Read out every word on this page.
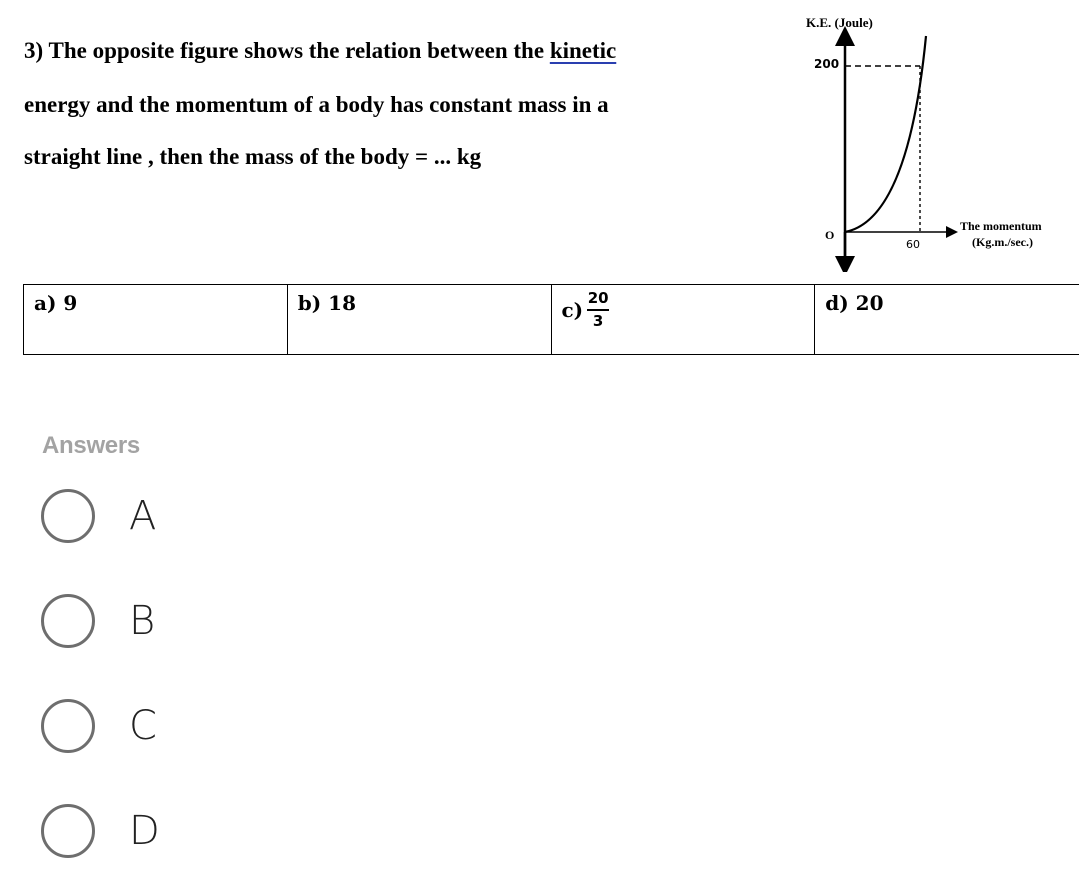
3) The opposite figure shows the relation between the kinetic
energy and the momentum of a body has constant mass in a
straight line , then the mass of the body = ... kg
K.E. (Joule)
200
60
O
The momentum
(Kg.m./sec.)
a) 9	b) 18	$c) \frac{20}{3}$	d) 20
Answers
A
B
C
D
